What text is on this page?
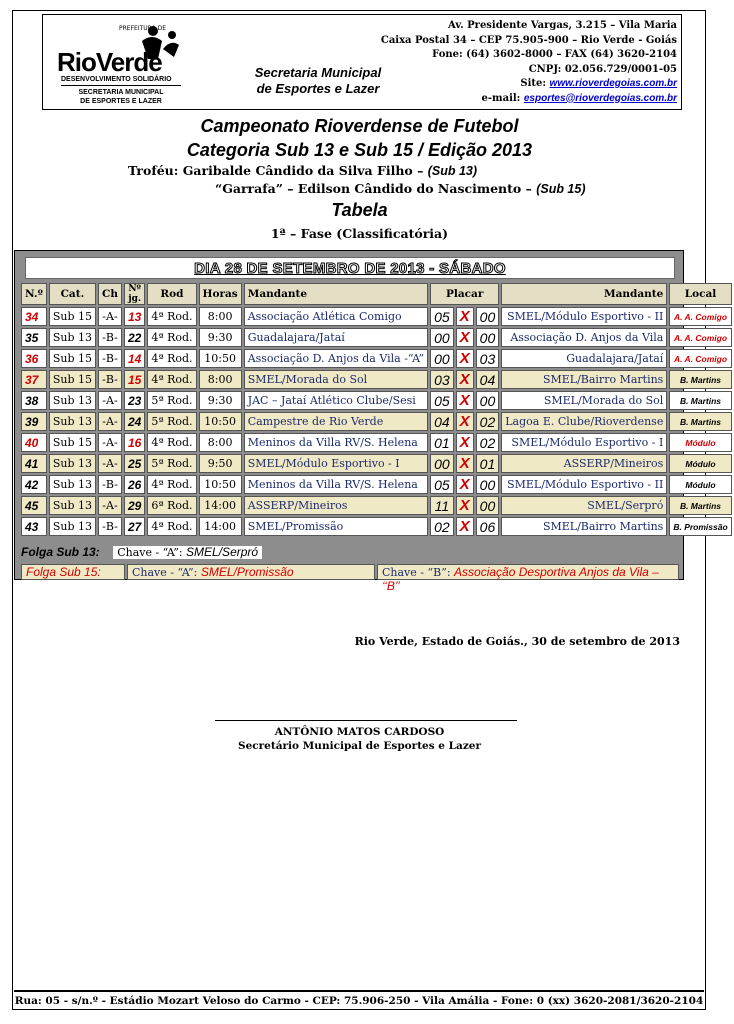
PREFEITURA DE
RioVerde
DESENVOLVIMENTO SOLIDÁRIO
SECRETARIA MUNICIPAL
DE ESPORTES E LAZER
Secretaria Municipal
de Esportes e Lazer
Av. Presidente Vargas, 3.215 – Vila Maria
Caixa Postal 34 – CEP 75.905-900 – Rio Verde - Goiás
Fone: (64) 3602-8000 – FAX (64) 3620-2104
CNPJ: 02.056.729/0001-05
Site: www.rioverdegoias.com.br
e-mail: esportes@rioverdegoias.com.br
Campeonato Rioverdense de Futebol
Categoria Sub 13 e Sub 15 / Edição 2013
Troféu: Garibalde Cândido da Silva Filho – (Sub 13)
“Garrafa” – Edilson Cândido do Nascimento – (Sub 15)
Tabela
1ª – Fase (Classificatória)
DIA 28 DE SETEMBRO DE 2013 - SÁBADO
N.º	Cat.	Ch	Nº jg.	Rod	Horas	Mandante	Placar			Mandante	Local
34	Sub 15	-A-	13	4ª Rod.	8:00	Associação Atlética Comigo	05	X	00	SMEL/Módulo Esportivo - II	A. A. Comigo
35	Sub 13	-B-	22	4ª Rod.	9:30	Guadalajara/Jataí	00	X	00	Associação D. Anjos da Vila	A. A. Comigo
36	Sub 15	-B-	14	4ª Rod.	10:50	Associação D. Anjos da Vila -“A”	00	X	03	Guadalajara/Jataí	A. A. Comigo
37	Sub 15	-B-	15	4ª Rod.	8:00	SMEL/Morada do Sol	03	X	04	SMEL/Bairro Martins	B. Martins
38	Sub 13	-A-	23	5ª Rod.	9:30	JAC – Jataí Atlético Clube/Sesi	05	X	00	SMEL/Morada do Sol	B. Martins
39	Sub 13	-A-	24	5ª Rod.	10:50	Campestre de Rio Verde	04	X	02	Lagoa E. Clube/Rioverdense	B. Martins
40	Sub 15	-A-	16	4ª Rod.	8:00	Meninos da Villa RV/S. Helena	01	X	02	SMEL/Módulo Esportivo - I	Módulo
41	Sub 13	-A-	25	5ª Rod.	9:50	SMEL/Módulo Esportivo - I	00	X	01	ASSERP/Mineiros	Módulo
42	Sub 13	-B-	26	4ª Rod.	10:50	Meninos da Villa RV/S. Helena	05	X	00	SMEL/Módulo Esportivo - II	Módulo
45	Sub 13	-A-	29	6ª Rod.	14:00	ASSERP/Mineiros	11	X	00	SMEL/Serpró	B. Martins
43	Sub 13	-B-	27	4ª Rod.	14:00	SMEL/Promissão	02	X	06	SMEL/Bairro Martins	B. Promissão
Folga Sub 13: Chave - “A”: SMEL/Serpró
Folga Sub 15:	Chave - “A”: SMEL/Promissão	Chave - “B”: Associação Desportiva Anjos da Vila – ‘‘B’’
Rio Verde, Estado de Goiás., 30 de setembro de 2013
ANTÔNIO MATOS CARDOSO
Secretário Municipal de Esportes e Lazer
Rua: 05 - s/n.º - Estádio Mozart Veloso do Carmo - CEP: 75.906-250 - Vila Amália - Fone: 0 (xx) 3620-2081/3620-2104
